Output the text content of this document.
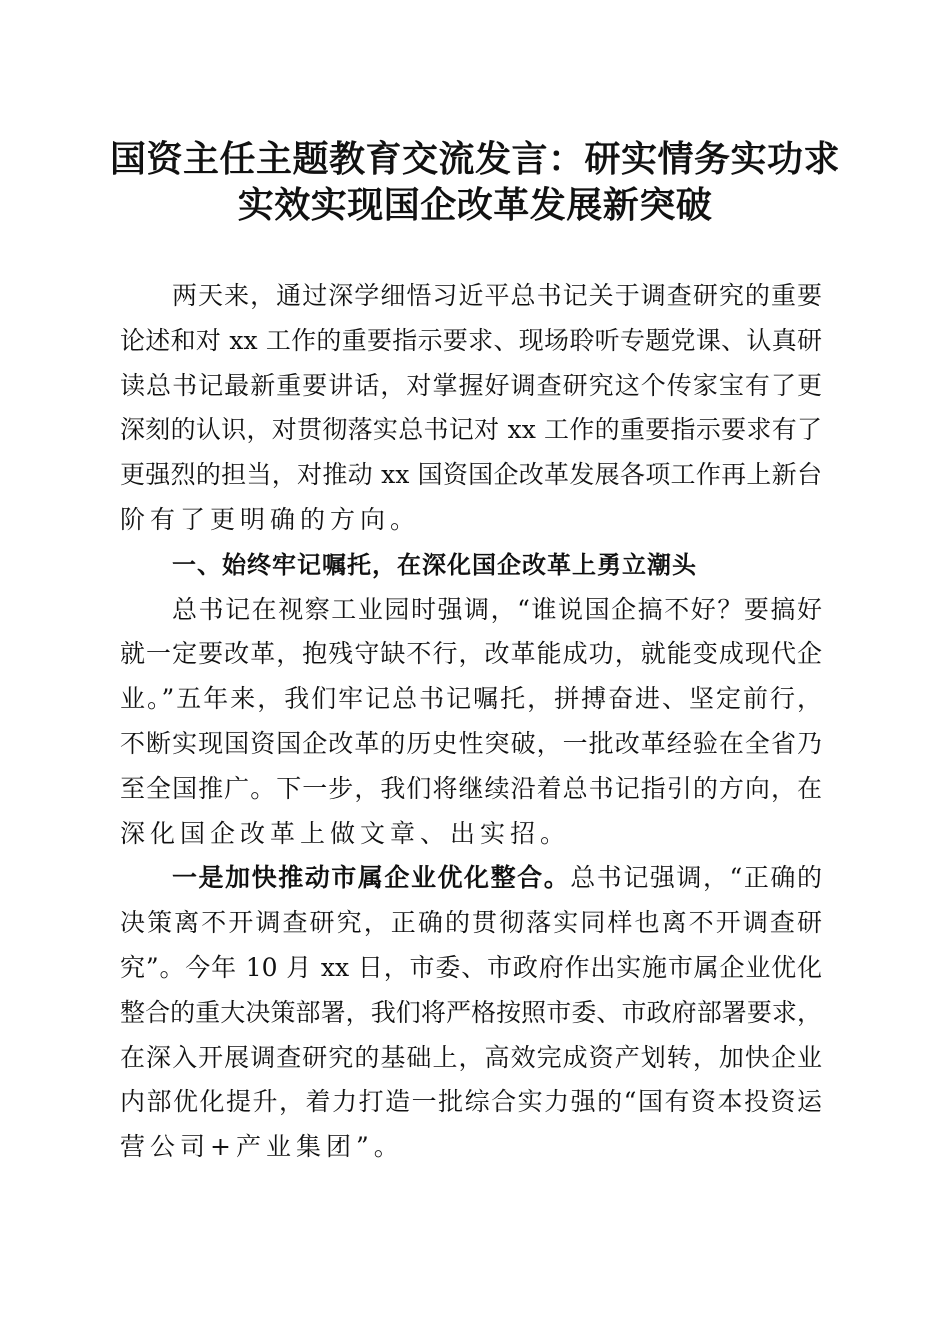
国资主任主题教育交流发言：研实情务实功求
实效实现国企改革发展新突破
两天来，通过深学细悟习近平总书记关于调查研究的重要
论述和对 xx 工作的重要指示要求、现场聆听专题党课、认真研
读总书记最新重要讲话，对掌握好调查研究这个传家宝有了更
深刻的认识，对贯彻落实总书记对 xx 工作的重要指示要求有了
更强烈的担当，对推动 xx 国资国企改革发展各项工作再上新台
阶有了更明确的方向。
一、始终牢记嘱托，在深化国企改革上勇立潮头
总书记在视察工业园时强调，“谁说国企搞不好？要搞好
就一定要改革，抱残守缺不行，改革能成功，就能变成现代企
业。”五年来，我们牢记总书记嘱托，拼搏奋进、坚定前行，
不断实现国资国企改革的历史性突破，一批改革经验在全省乃
至全国推广。下一步，我们将继续沿着总书记指引的方向，在
深化国企改革上做文章、出实招。
一是加快推动市属企业优化整合。总书记强调，“正确的
决策离不开调查研究，正确的贯彻落实同样也离不开调查研
究”。今年 10 月 xx 日，市委、市政府作出实施市属企业优化
整合的重大决策部署，我们将严格按照市委、市政府部署要求，
在深入开展调查研究的基础上，高效完成资产划转，加快企业
内部优化提升，着力打造一批综合实力强的“国有资本投资运
营公司+产业集团”。
